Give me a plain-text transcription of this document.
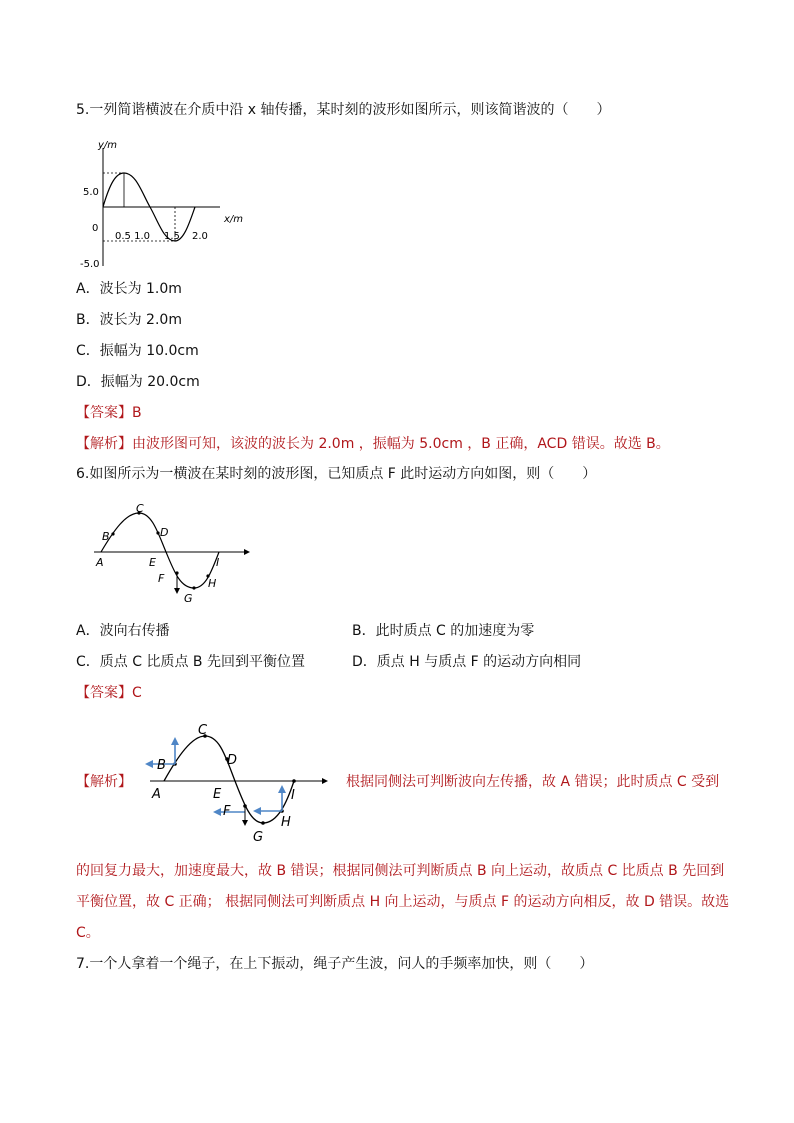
5.一列简谐横波在介质中沿 x 轴传播，某时刻的波形如图所示，则该简谐波的（　　）
y/m
x/m
5.0
0
-5.0
0.5 1.0 1.5 2.0
A．波长为 1.0m
B．波长为 2.0m
C．振幅为 10.0cm
D．振幅为 20.0cm
【答案】B
【解析】由波形图可知，该波的波长为 2.0m ，振幅为 5.0cm ，B 正确，ACD 错误。故选 B。
6.如图所示为一横波在某时刻的波形图，已知质点 F 此时运动方向如图，则（　　）
A
B
C
D
E
F
G
H
I
A．波向右传播	B．此时质点 C 的加速度为零
C．质点 C 比质点 B 先回到平衡位置	D．质点 H 与质点 F 的运动方向相同
【答案】C
【解析】
A
B
C
D
E
F
G
H
I
根据同侧法可判断波向左传播，故 A 错误；此时质点 C 受到
的回复力最大，加速度最大，故 B 错误；根据同侧法可判断质点 B 向上运动，故质点 C 比质点 B 先回到
平衡位置，故 C 正确； 根据同侧法可判断质点 H 向上运动，与质点 F 的运动方向相反，故 D 错误。故选
C。
7.一个人拿着一个绳子，在上下振动，绳子产生波，问人的手频率加快，则（　　）
